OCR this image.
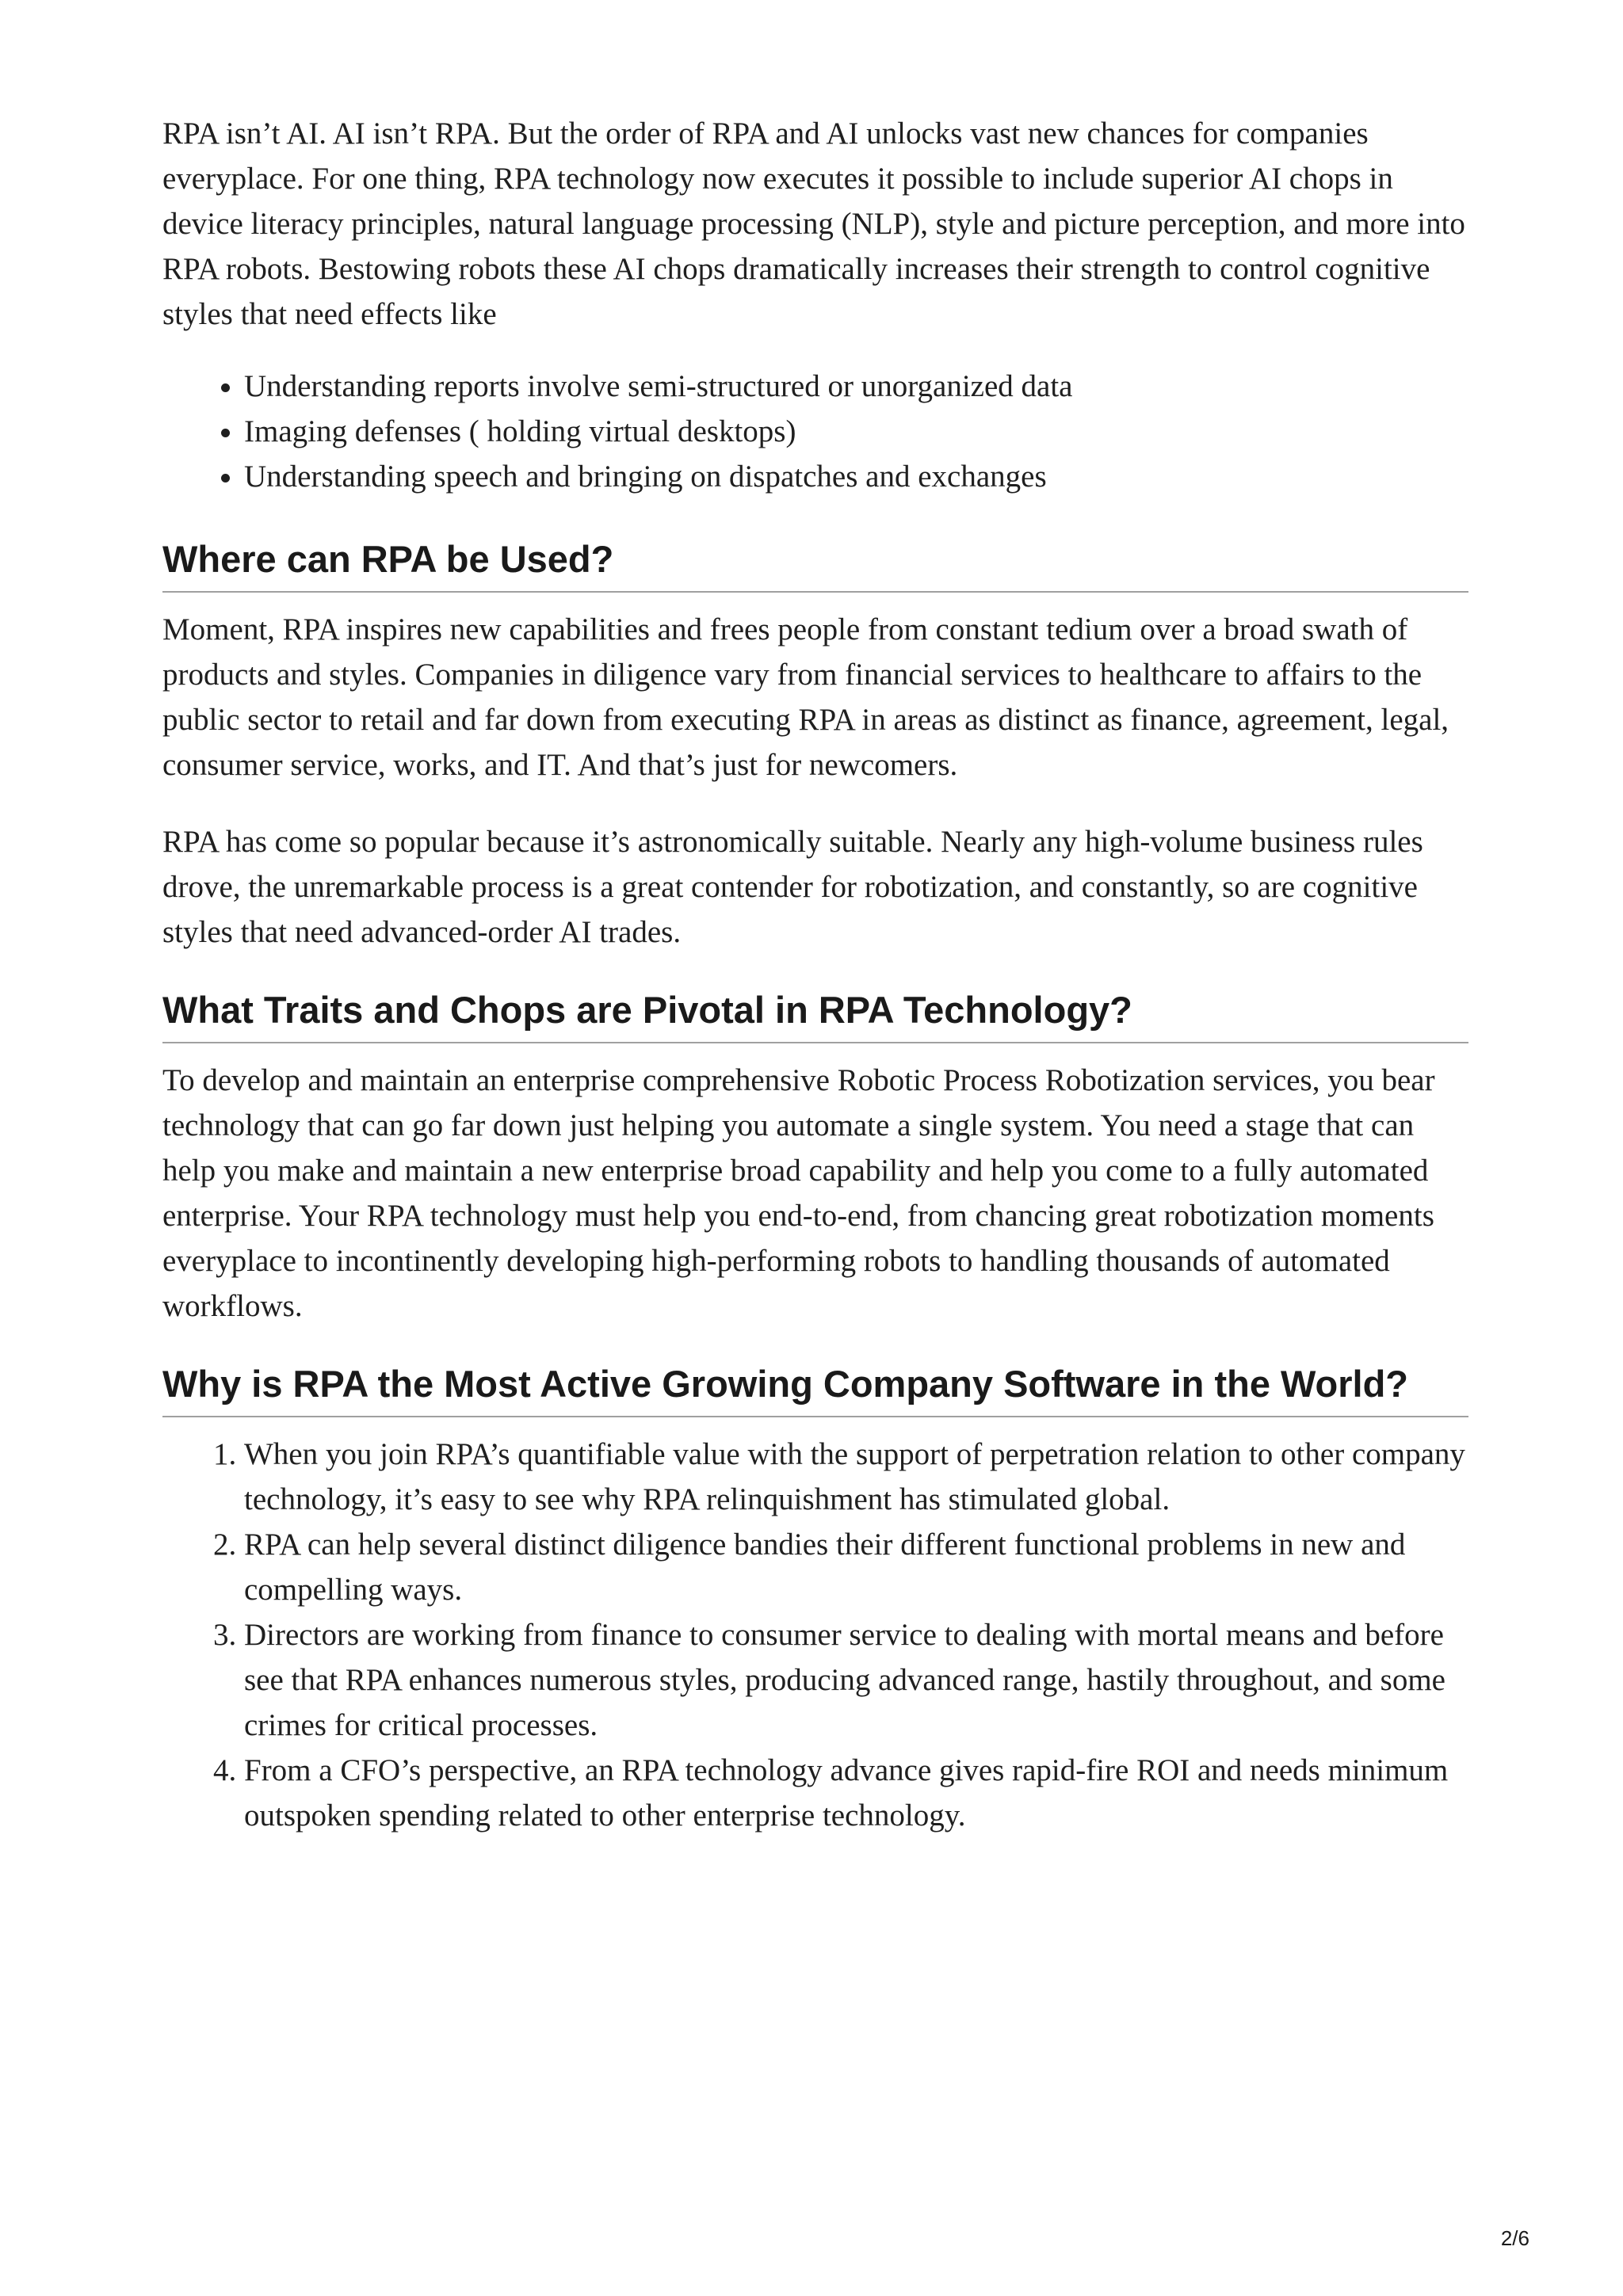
RPA isn’t AI. AI isn’t RPA. But the order of RPA and AI unlocks vast new chances for companies everyplace. For one thing, RPA technology now executes it possible to include superior AI chops in device literacy principles, natural language processing (NLP), style and picture perception, and more into RPA robots. Bestowing robots these AI chops dramatically increases their strength to control cognitive styles that need effects like

• Understanding reports involve semi-structured or unorganized data
• Imaging defenses ( holding virtual desktops)
• Understanding speech and bringing on dispatches and exchanges
Where can RPA be Used?

Moment, RPA inspires new capabilities and frees people from constant tedium over a broad swath of products and styles. Companies in diligence vary from financial services to healthcare to affairs to the public sector to retail and far down from executing RPA in areas as distinct as finance, agreement, legal, consumer service, works, and IT. And that’s just for newcomers.

RPA has come so popular because it’s astronomically suitable. Nearly any high-volume business rules drove, the unremarkable process is a great contender for robotization, and constantly, so are cognitive styles that need advanced-order AI trades.

What Traits and Chops are Pivotal in RPA Technology?

To develop and maintain an enterprise comprehensive Robotic Process Robotization services, you bear technology that can go far down just helping you automate a single system. You need a stage that can help you make and maintain a new enterprise broad capability and help you come to a fully automated enterprise. Your RPA technology must help you end-to-end, from chancing great robotization moments everyplace to incontinently developing high-performing robots to handling thousands of automated workflows.

Why is RPA the Most Active Growing Company Software in the World?
1. When you join RPA’s quantifiable value with the support of perpetration relation to other company technology, it’s easy to see why RPA relinquishment has stimulated global.
2. RPA can help several distinct diligence bandies their different functional problems in new and compelling ways.
3. Directors are working from finance to consumer service to dealing with mortal means and before see that RPA enhances numerous styles, producing advanced range, hastily throughout, and some crimes for critical processes.
4. From a CFO’s perspective, an RPA technology advance gives rapid-fire ROI and needs minimum outspoken spending related to other enterprise technology.
2/6
